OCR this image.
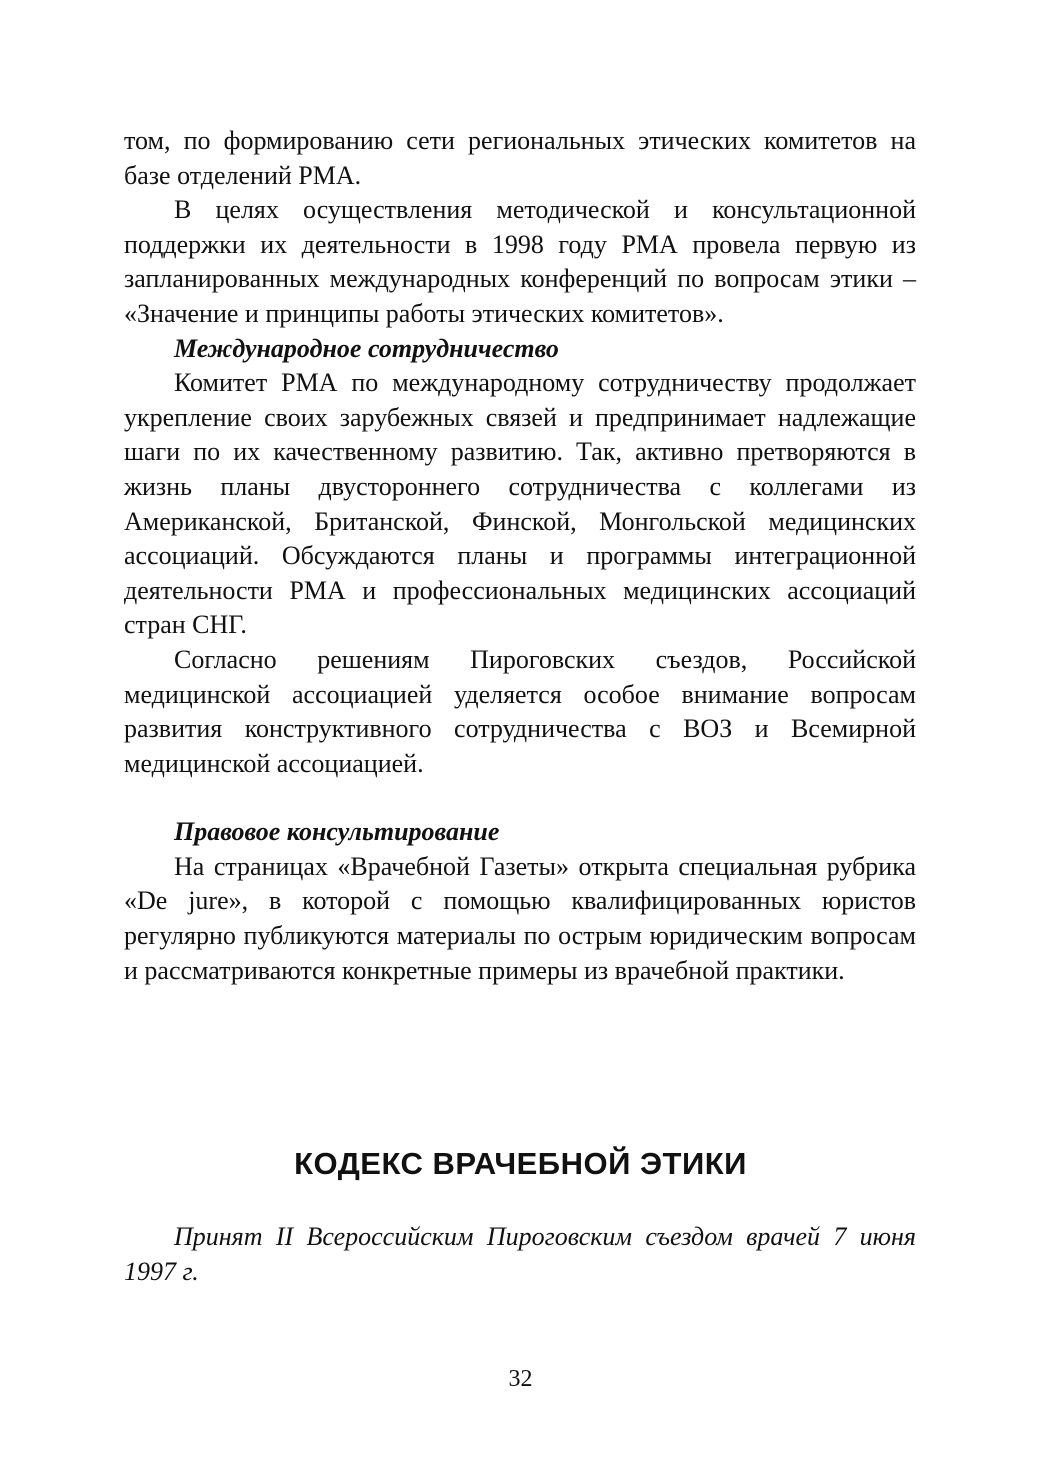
том, по формированию сети региональных этических комитетов на базе отделений РМА.

В целях осуществления методической и консультационной поддержки их деятельности в 1998 году РМА провела первую из запланированных международных конференций по вопросам этики – «Значение и принципы работы этических комитетов».

Международное сотрудничество

Комитет РМА по международному сотрудничеству продолжает укрепление своих зарубежных связей и предпринимает надлежащие шаги по их качественному развитию. Так, активно претворяются в жизнь планы двустороннего сотрудничества с коллегами из Американской, Британской, Финской, Монгольской медицинских ассоциаций. Обсуждаются планы и программы интеграционной деятельности РМА и профессиональных медицинских ассоциаций стран СНГ.

Согласно решениям Пироговских съездов, Российской медицинской ассоциацией уделяется особое внимание вопросам развития конструктивного сотрудничества с ВОЗ и Всемирной медицинской ассоциацией.

Правовое консультирование

На страницах «Врачебной Газеты» открыта специальная рубрика «De jure», в которой с помощью квалифицированных юристов регулярно публикуются материалы по острым юридическим вопросам и рассматриваются конкретные примеры из врачебной практики.

КОДЕКС ВРАЧЕБНОЙ ЭТИКИ

Принят II Всероссийским Пироговским съездом врачей 7 июня 1997 г.

32
